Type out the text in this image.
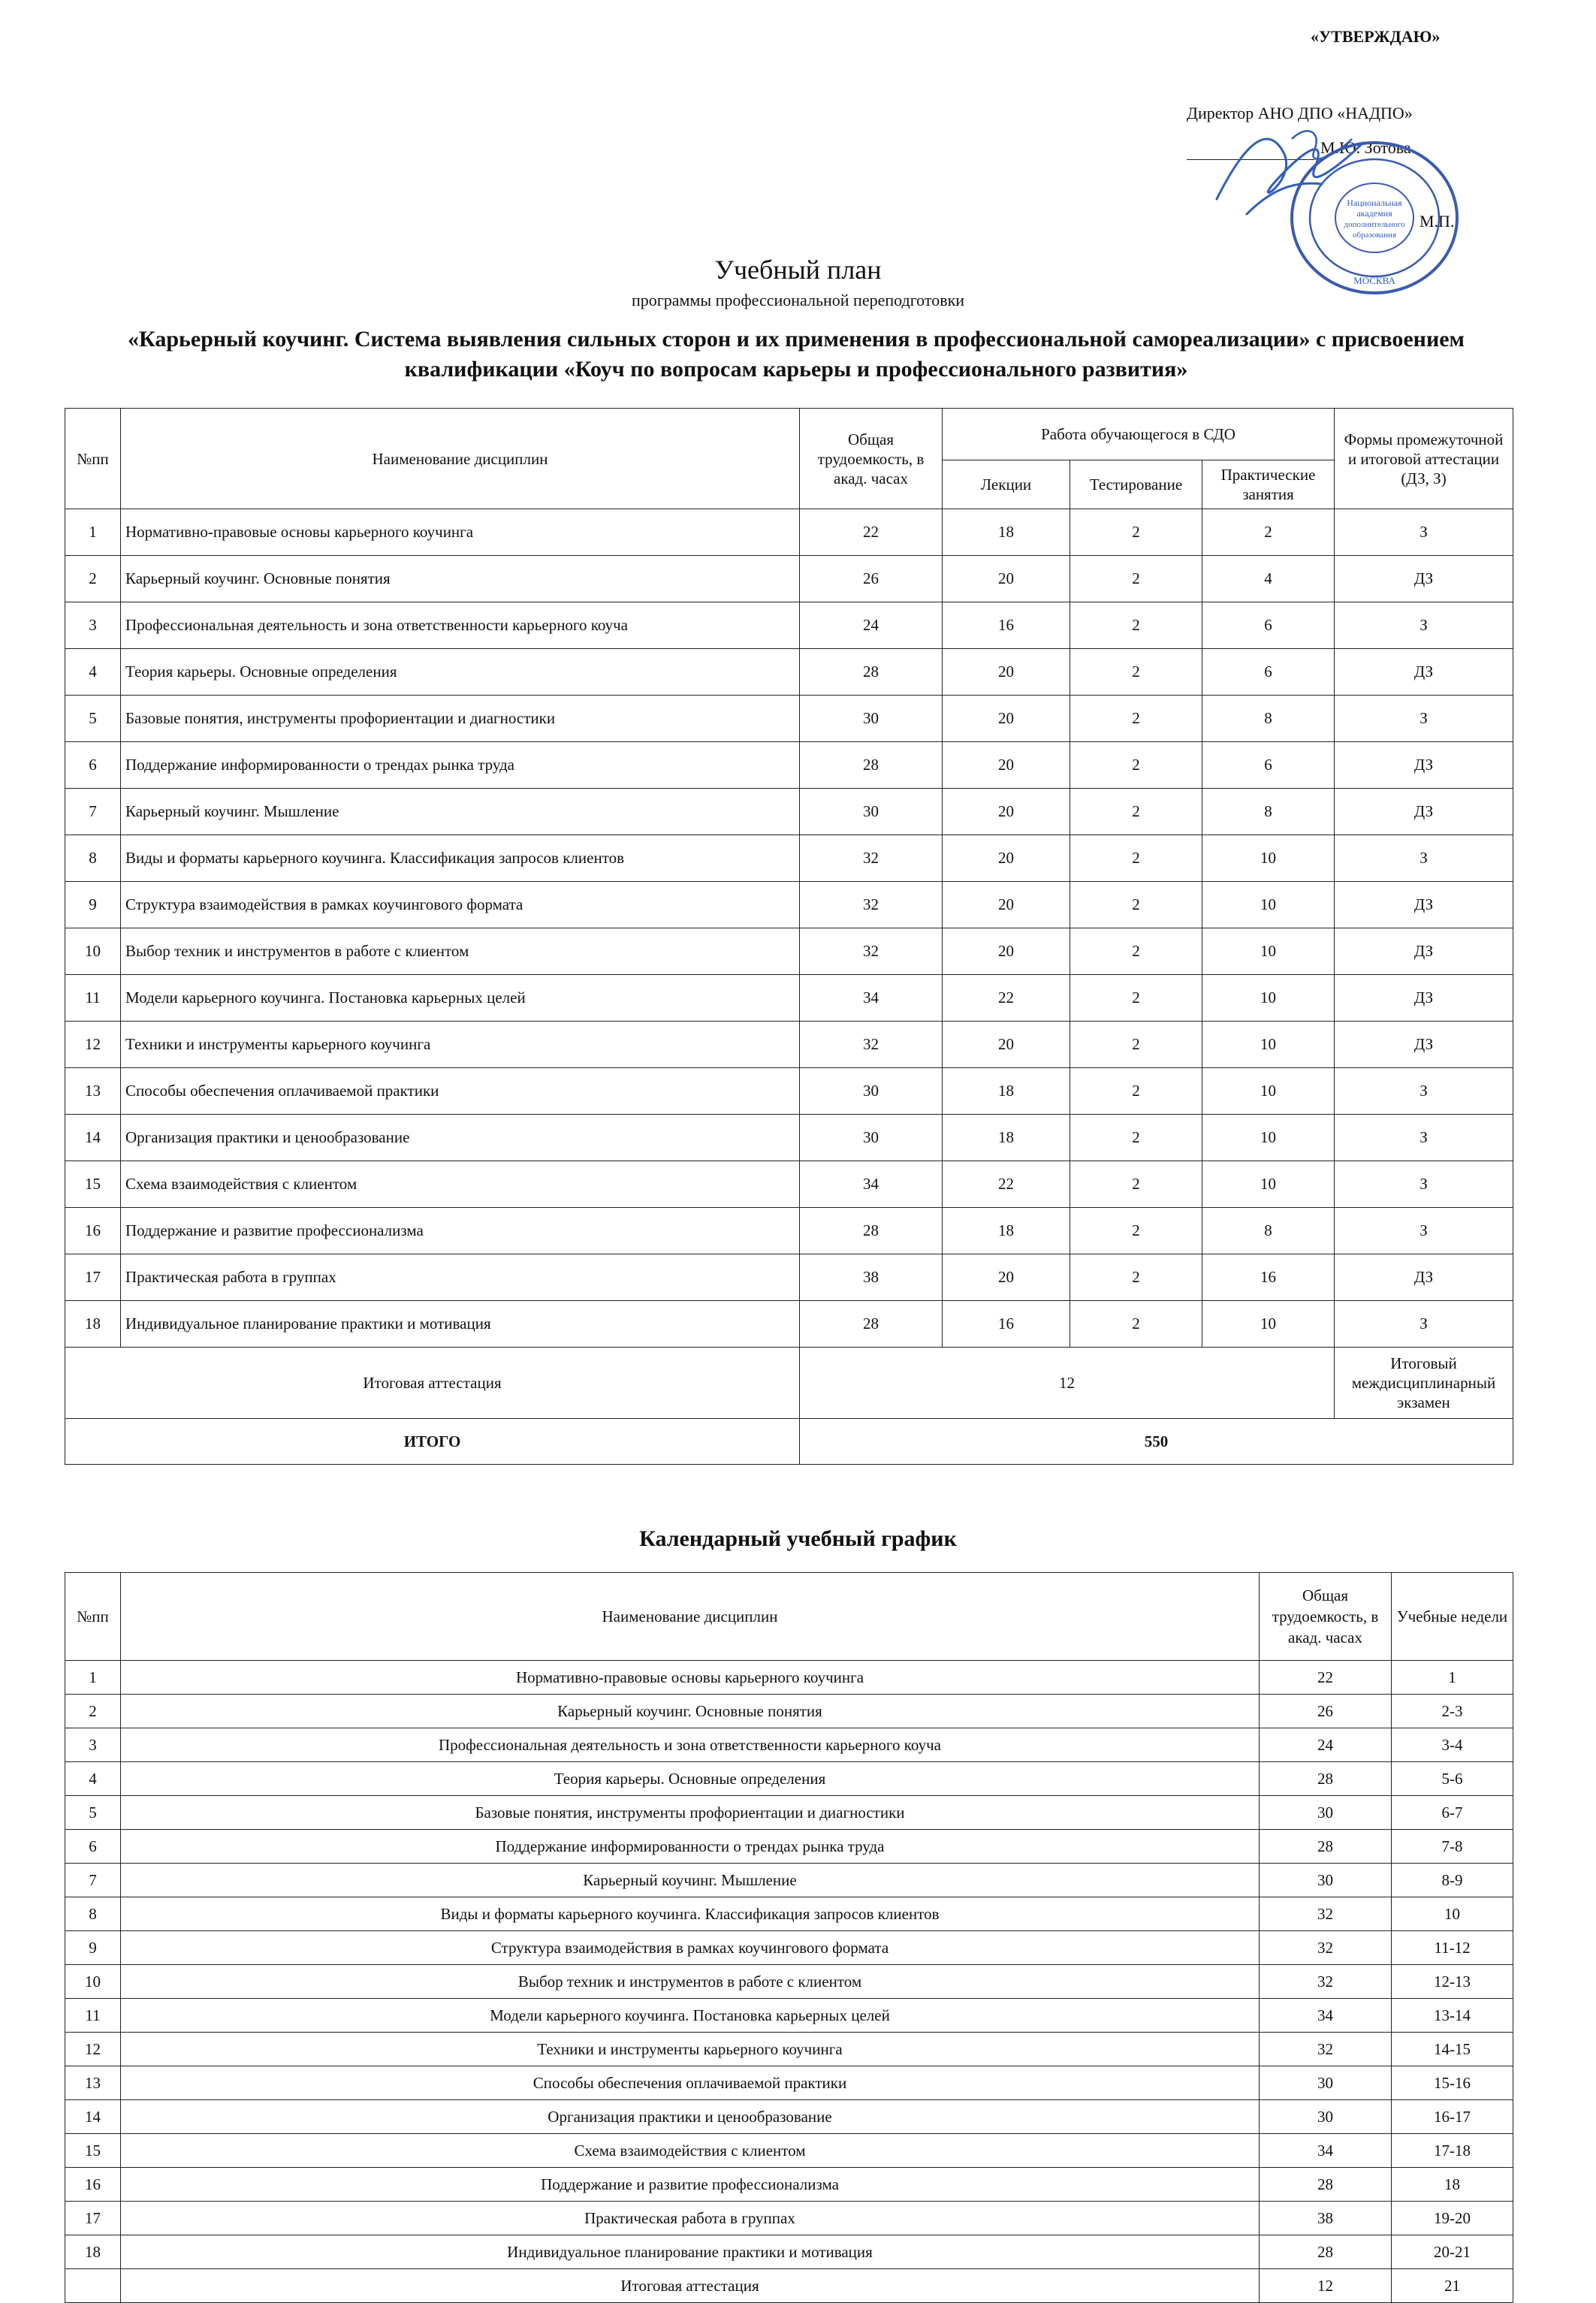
«УТВЕРЖДАЮ»
Директор АНО ДПО «НАДПО»
М.Ю. Зотова
Национальная
академия
дополнительного
образования
МОСКВА
М.П.
Учебный план
программы профессиональной переподготовки
«Карьерный коучинг. Система выявления сильных сторон и их применения в профессиональной самореализации» с присвоением квалификации «Коуч по вопросам карьеры и профессионального развития»
№пп	Наименование дисциплин	Общая трудоемкость, в акад. часах	Работа обучающегося в СДО			Формы промежуточной и итоговой аттестации (ДЗ, З)
			Лекции	Тестирование	Практические занятия	
1	Нормативно-правовые основы карьерного коучинга	22	18	2	2	З
2	Карьерный коучинг. Основные понятия	26	20	2	4	ДЗ
3	Профессиональная деятельность и зона ответственности карьерного коуча	24	16	2	6	З
4	Теория карьеры. Основные определения	28	20	2	6	ДЗ
5	Базовые понятия, инструменты профориентации и диагностики	30	20	2	8	З
6	Поддержание информированности о трендах рынка труда	28	20	2	6	ДЗ
7	Карьерный коучинг. Мышление	30	20	2	8	ДЗ
8	Виды и форматы карьерного коучинга. Классификация запросов клиентов	32	20	2	10	З
9	Структура взаимодействия в рамках коучингового формата	32	20	2	10	ДЗ
10	Выбор техник и инструментов в работе с клиентом	32	20	2	10	ДЗ
11	Модели карьерного коучинга. Постановка карьерных целей	34	22	2	10	ДЗ
12	Техники и инструменты карьерного коучинга	32	20	2	10	ДЗ
13	Способы обеспечения оплачиваемой практики	30	18	2	10	З
14	Организация практики и ценообразование	30	18	2	10	З
15	Схема взаимодействия с клиентом	34	22	2	10	З
16	Поддержание и развитие профессионализма	28	18	2	8	З
17	Практическая работа в группах	38	20	2	16	ДЗ
18	Индивидуальное планирование практики и мотивация	28	16	2	10	З
Итоговая аттестация		12				Итоговый междисциплинарный экзамен
ИТОГО		550				
Календарный учебный график
№пп	Наименование дисциплин	Общая трудоемкость, в акад. часах	Учебные недели
1	Нормативно-правовые основы карьерного коучинга	22	1
2	Карьерный коучинг. Основные понятия	26	2-3
3	Профессиональная деятельность и зона ответственности карьерного коуча	24	3-4
4	Теория карьеры. Основные определения	28	5-6
5	Базовые понятия, инструменты профориентации и диагностики	30	6-7
6	Поддержание информированности о трендах рынка труда	28	7-8
7	Карьерный коучинг. Мышление	30	8-9
8	Виды и форматы карьерного коучинга. Классификация запросов клиентов	32	10
9	Структура взаимодействия в рамках коучингового формата	32	11-12
10	Выбор техник и инструментов в работе с клиентом	32	12-13
11	Модели карьерного коучинга. Постановка карьерных целей	34	13-14
12	Техники и инструменты карьерного коучинга	32	14-15
13	Способы обеспечения оплачиваемой практики	30	15-16
14	Организация практики и ценообразование	30	16-17
15	Схема взаимодействия с клиентом	34	17-18
16	Поддержание и развитие профессионализма	28	18
17	Практическая работа в группах	38	19-20
18	Индивидуальное планирование практики и мотивация	28	20-21
	Итоговая аттестация	12	21
